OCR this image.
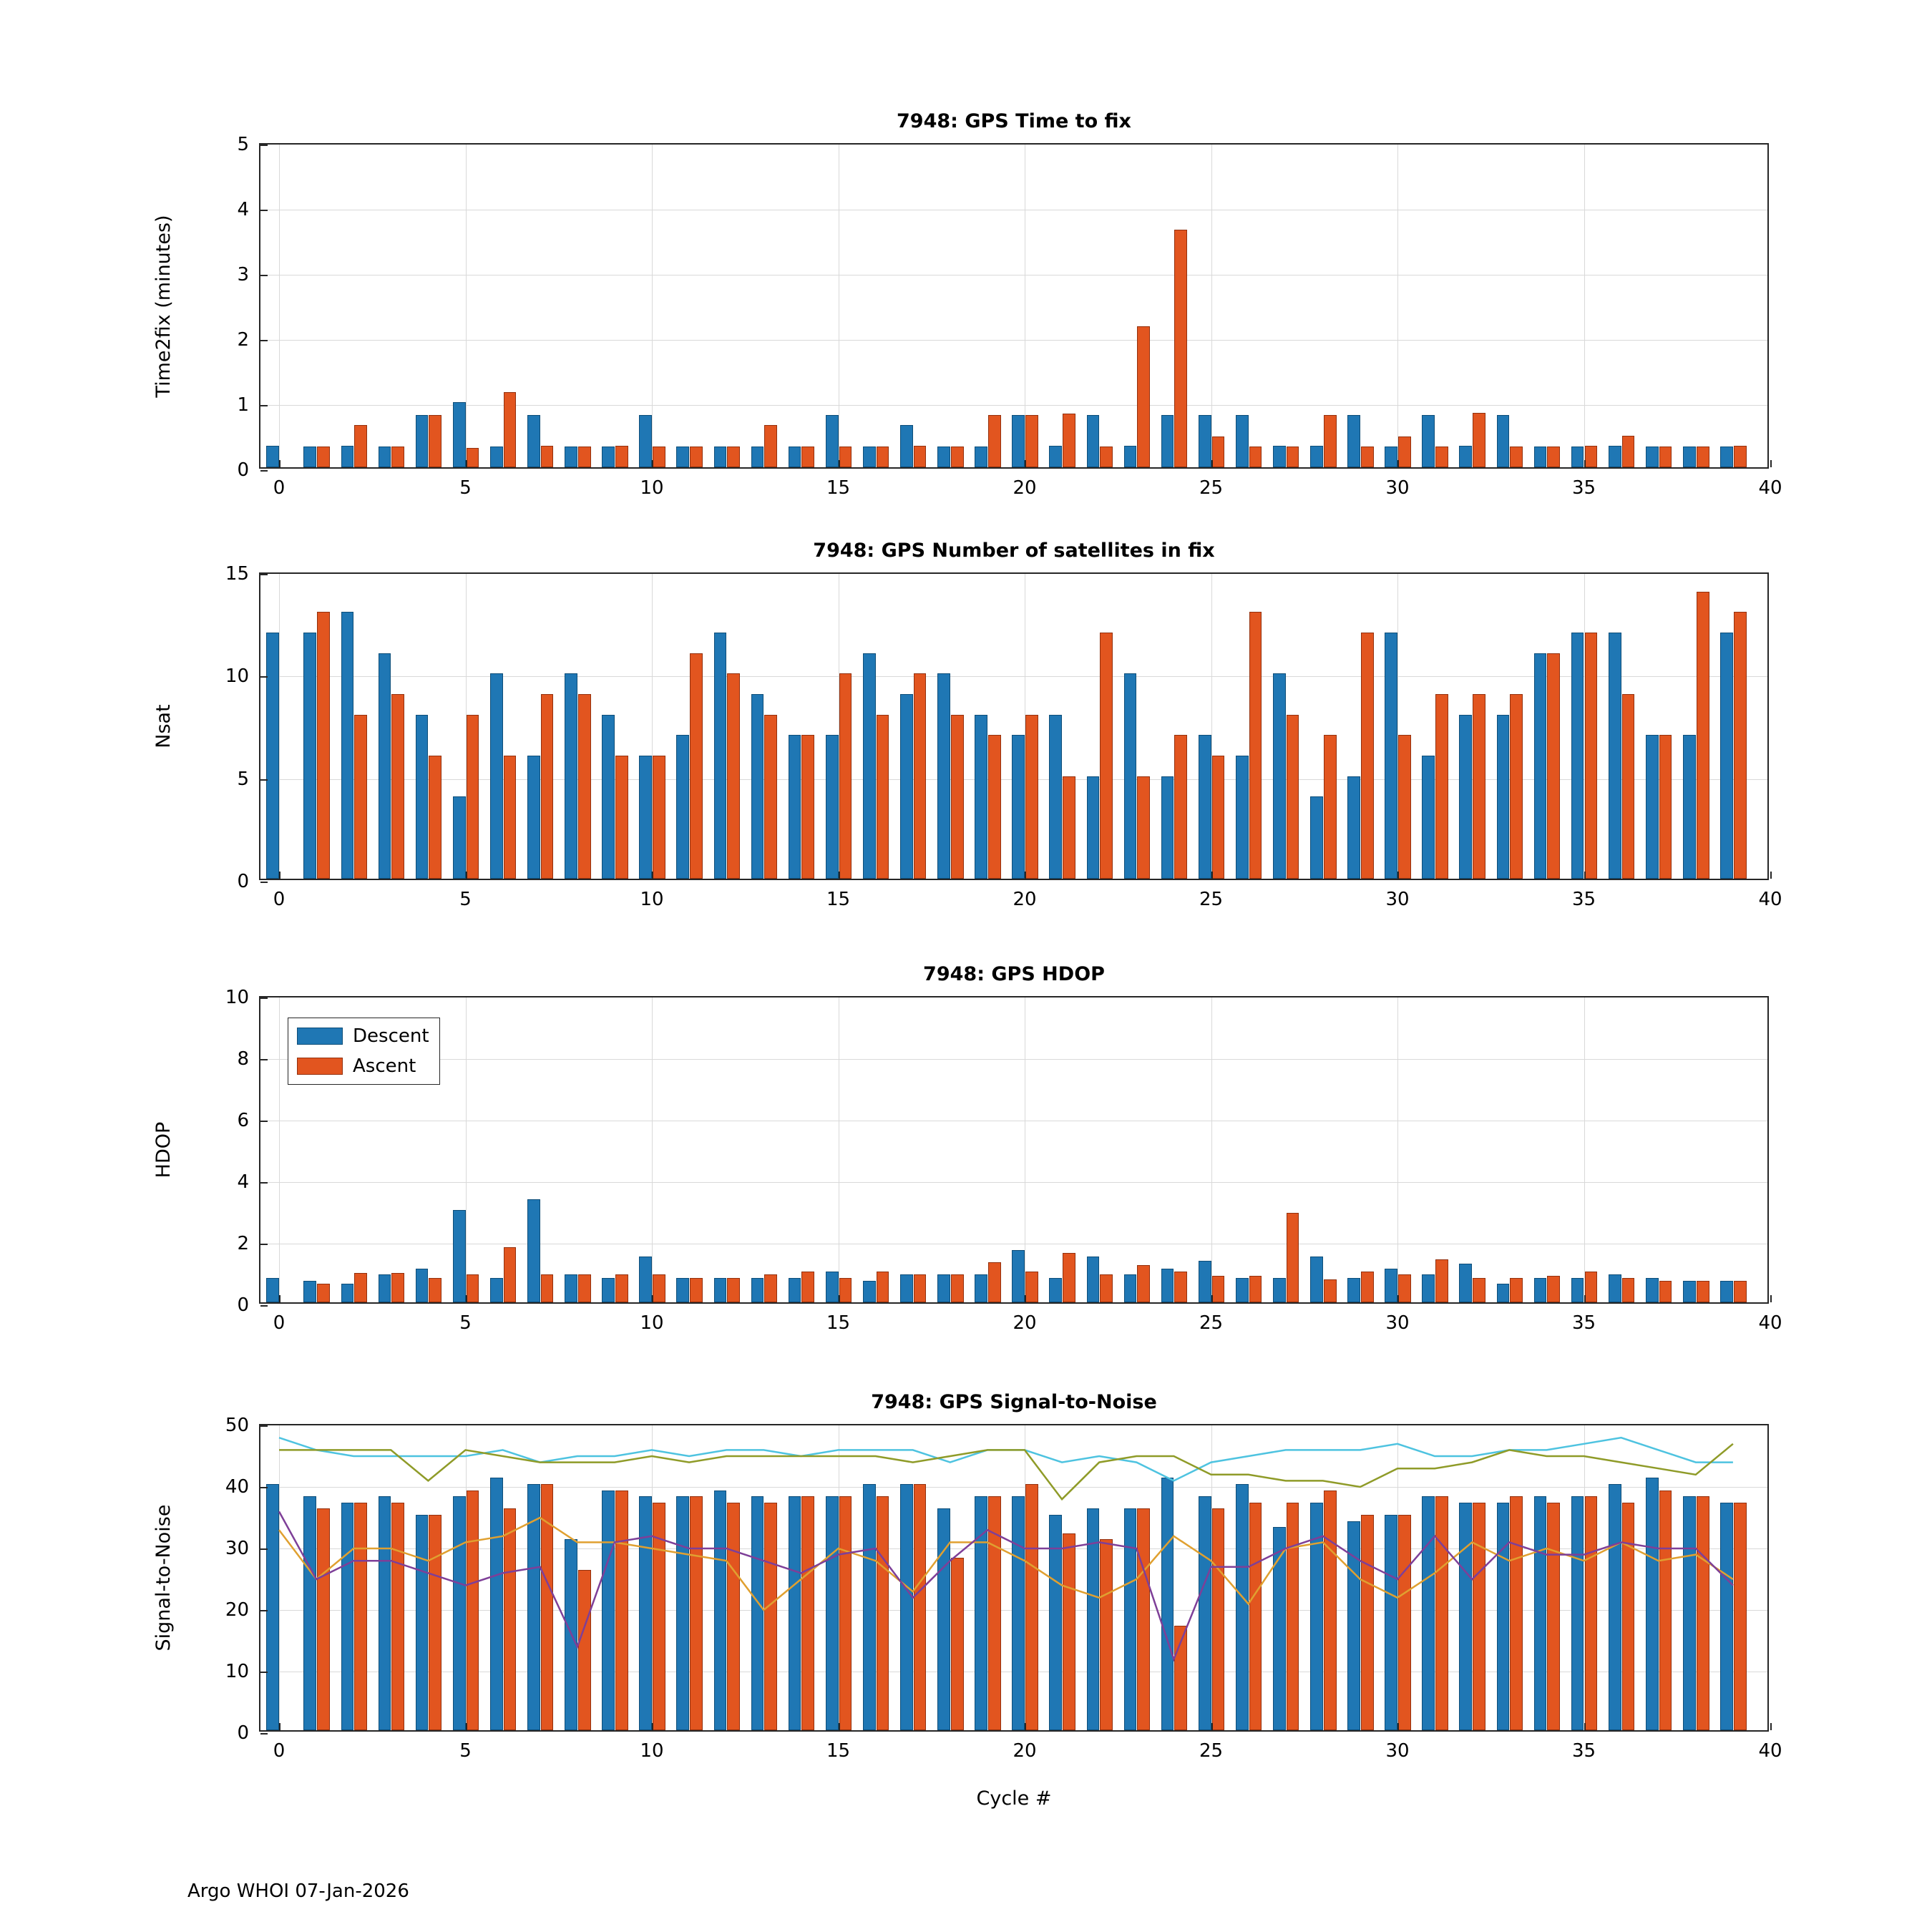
0	5	10	15	20	25	30	35	40
0
1
2
3
4
5
7948: GPS Time to fix
Time2fix (minutes)
0	5	10	15	20	25	30	35	40
0
5
10
15
7948: GPS Number of satellites in fix
Nsat
0	5	10	15	20	25	30	35	40
0
2
4
6
8
10
Descent
Ascent
7948: GPS HDOP
HDOP
0	5	10	15	20	25	30	35	40
0
10
20
30
40
50
7948: GPS Signal-to-Noise
Signal-to-Noise
Cycle #
Argo WHOI 07-Jan-2026
